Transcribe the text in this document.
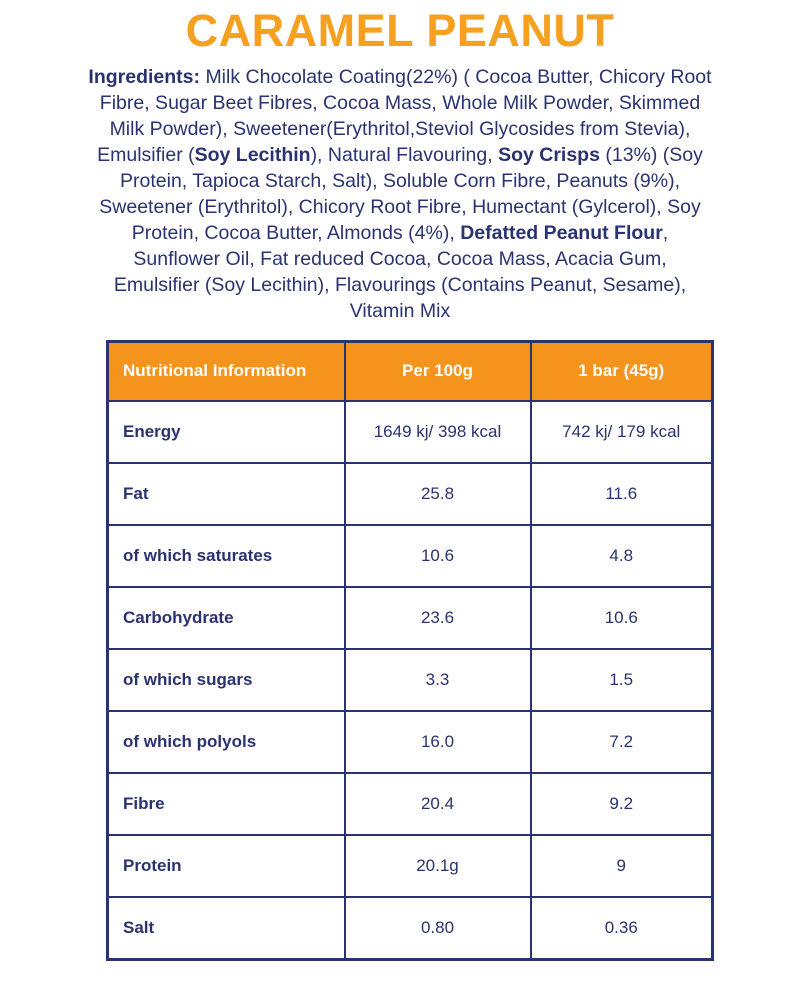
CARAMEL PEANUT

Ingredients: Milk Chocolate Coating(22%) ( Cocoa Butter, Chicory Root Fibre, Sugar Beet Fibres, Cocoa Mass, Whole Milk Powder, Skimmed Milk Powder), Sweetener(Erythritol,Steviol Glycosides from Stevia), Emulsifier (Soy Lecithin), Natural Flavouring, Soy Crisps (13%) (Soy Protein, Tapioca Starch, Salt), Soluble Corn Fibre, Peanuts (9%), Sweetener (Erythritol), Chicory Root Fibre, Humectant (Gylcerol), Soy Protein, Cocoa Butter, Almonds (4%), Defatted Peanut Flour, Sunflower Oil, Fat reduced Cocoa, Cocoa Mass, Acacia Gum, Emulsifier (Soy Lecithin), Flavourings (Contains Peanut, Sesame), Vitamin Mix

Nutritional Information	Per 100g	1 bar (45g)
Energy	1649 kj/ 398 kcal	742 kj/ 179 kcal
Fat	25.8	11.6
of which saturates	10.6	4.8
Carbohydrate	23.6	10.6
of which sugars	3.3	1.5
of which polyols	16.0	7.2
Fibre	20.4	9.2
Protein	20.1g	9
Salt	0.80	0.36
